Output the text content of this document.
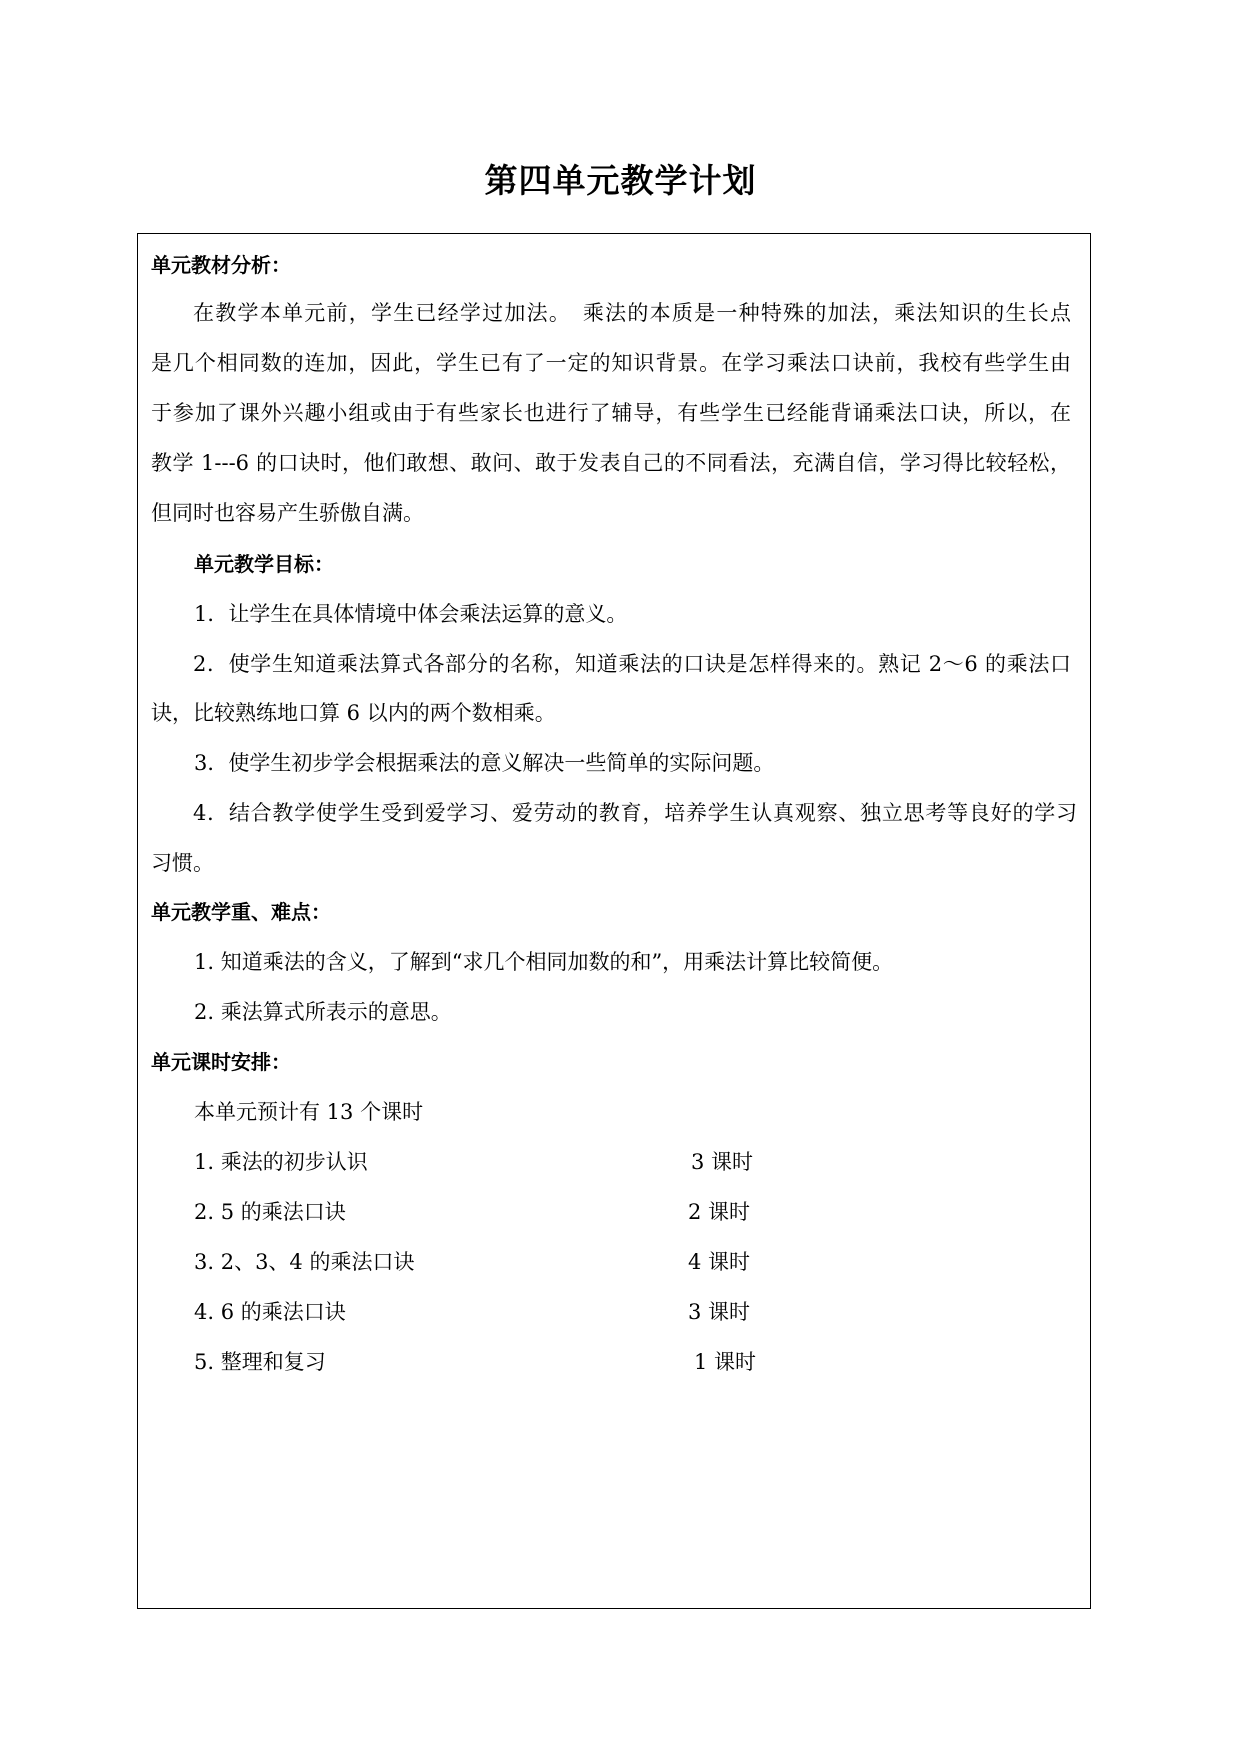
第四单元教学计划
单元教材分析：
在教学本单元前，学生已经学过加法。　乘法的本质是一种特殊的加法，乘法知识的生长点
是几个相同数的连加，因此，学生已有了一定的知识背景。在学习乘法口诀前，我校有些学生由
于参加了课外兴趣小组或由于有些家长也进行了辅导，有些学生已经能背诵乘法口诀，所以，在
教学 1---6 的口诀时，他们敢想、敢问、敢于发表自己的不同看法，充满自信，学习得比较轻松，
但同时也容易产生骄傲自满。
单元教学目标：
1．让学生在具体情境中体会乘法运算的意义。
2．使学生知道乘法算式各部分的名称，知道乘法的口诀是怎样得来的。熟记 2～6 的乘法口
诀，比较熟练地口算 6 以内的两个数相乘。
3．使学生初步学会根据乘法的意义解决一些简单的实际问题。
4．结合教学使学生受到爱学习、爱劳动的教育，培养学生认真观察、独立思考等良好的学习
习惯。
单元教学重、难点：
1. 知道乘法的含义，了解到“求几个相同加数的和”，用乘法计算比较简便。
2. 乘法算式所表示的意思。
单元课时安排：
本单元预计有 13 个课时
1. 乘法的初步认识	3 课时
2. 5 的乘法口诀	2 课时
3. 2、3、4 的乘法口诀	4 课时
4. 6 的乘法口诀	3 课时
5. 整理和复习	1 课时
